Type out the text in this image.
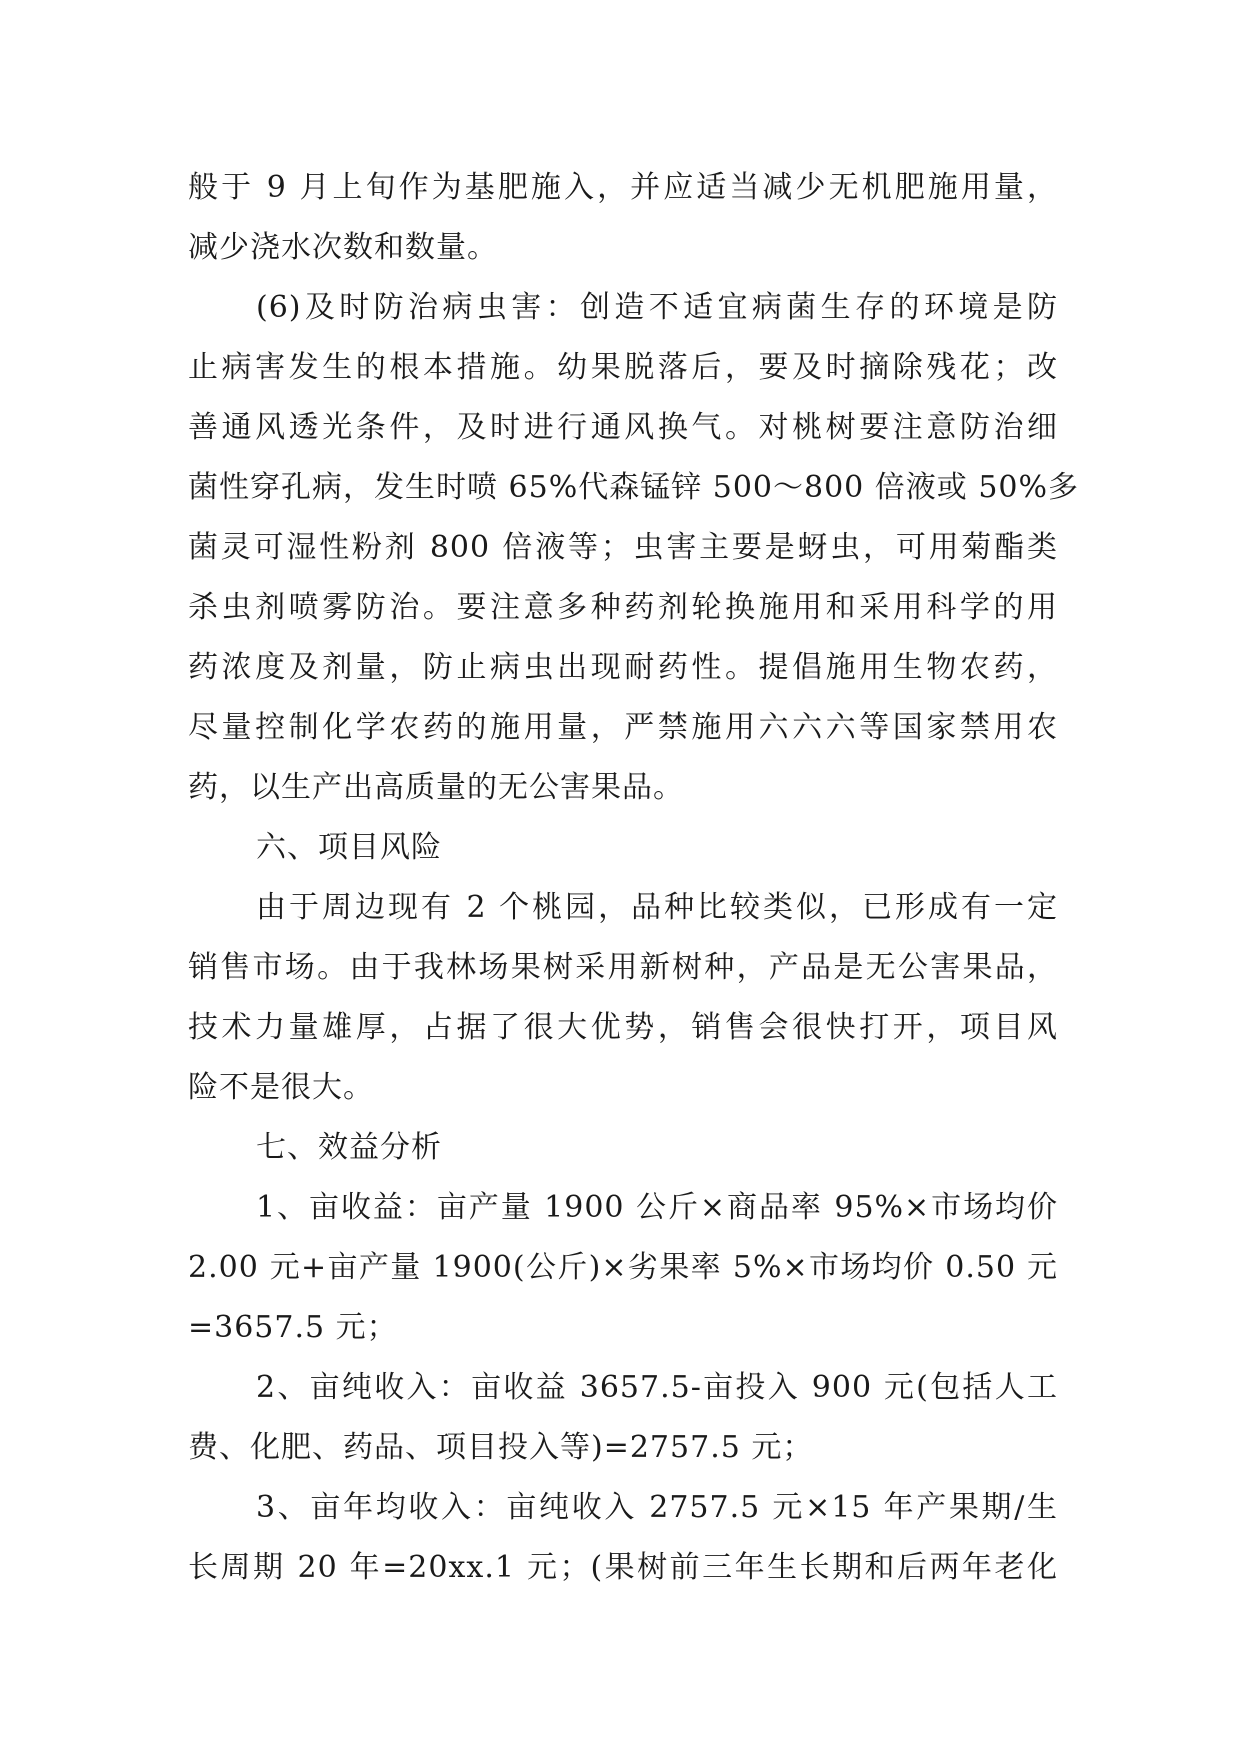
般于 9 月上旬作为基肥施入，并应适当减少无机肥施用量，
减少浇水次数和数量。
(6)及时防治病虫害：创造不适宜病菌生存的环境是防
止病害发生的根本措施。幼果脱落后，要及时摘除残花；改
善通风透光条件，及时进行通风换气。对桃树要注意防治细
菌性穿孔病，发生时喷 65%代森锰锌 500～800 倍液或 50%多
菌灵可湿性粉剂 800 倍液等；虫害主要是蚜虫，可用菊酯类
杀虫剂喷雾防治。要注意多种药剂轮换施用和采用科学的用
药浓度及剂量，防止病虫出现耐药性。提倡施用生物农药，
尽量控制化学农药的施用量，严禁施用六六六等国家禁用农
药，以生产出高质量的无公害果品。
六、项目风险
由于周边现有 2 个桃园，品种比较类似，已形成有一定
销售市场。由于我林场果树采用新树种，产品是无公害果品，
技术力量雄厚，占据了很大优势，销售会很快打开，项目风
险不是很大。
七、效益分析
1、亩收益：亩产量 1900 公斤×商品率 95%×市场均价
2.00 元+亩产量 1900(公斤)×劣果率 5%×市场均价 0.50 元
=3657.5 元；
2、亩纯收入：亩收益 3657.5-亩投入 900 元(包括人工
费、化肥、药品、项目投入等)=2757.5 元；
3、亩年均收入：亩纯收入 2757.5 元×15 年产果期/生
长周期 20 年=20xx.1 元；(果树前三年生长期和后两年老化
